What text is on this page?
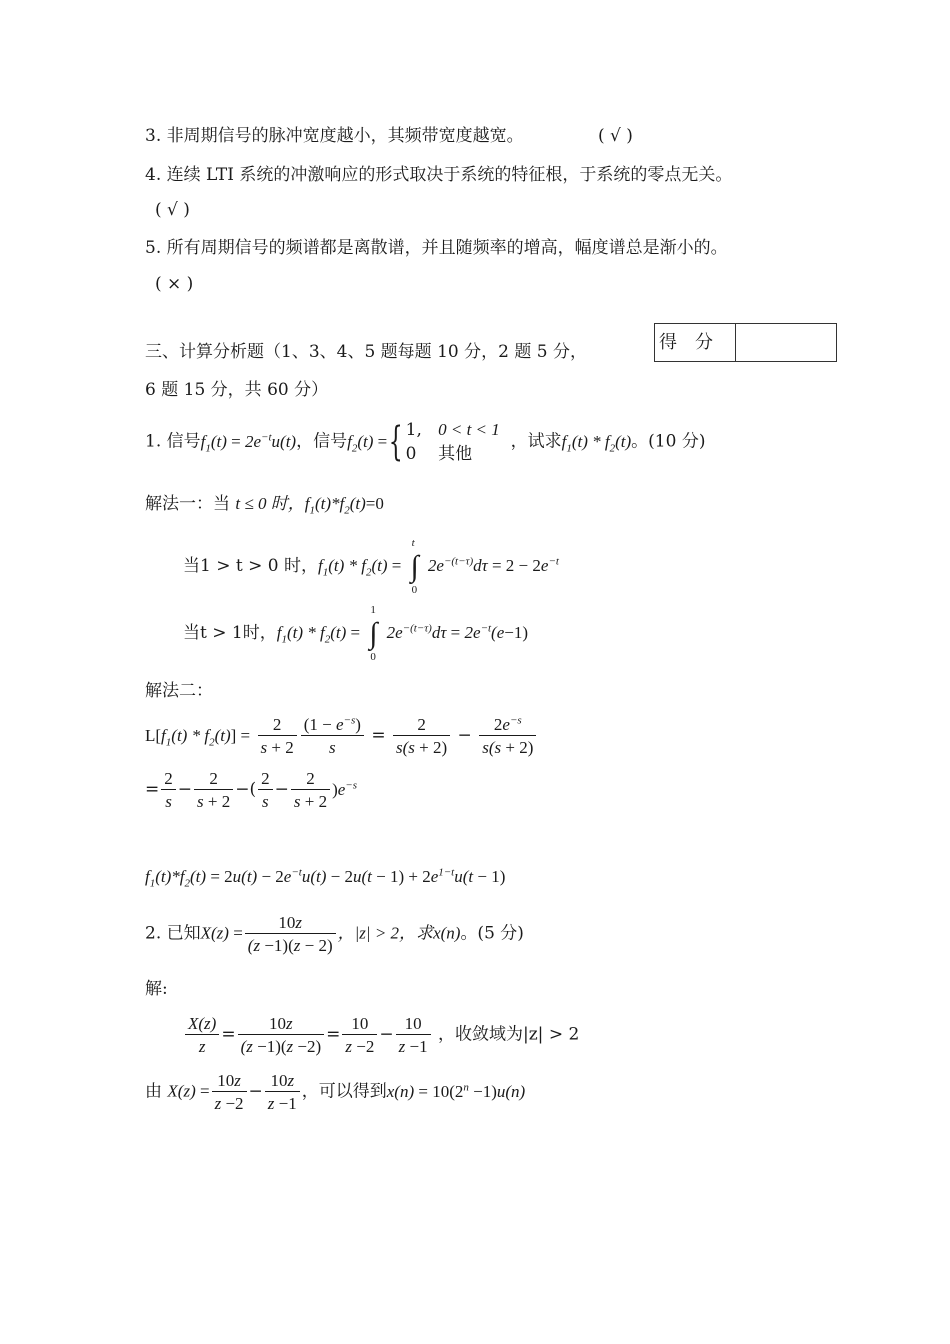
3. 非周期信号的脉冲宽度越小，其频带宽度越宽。	( √ )
4. 连续 LTI 系统的冲激响应的形式取决于系统的特征根，于系统的零点无关。
( √ )
5. 所有周期信号的频谱都是离散谱，并且随频率的增高，幅度谱总是渐小的。
( × )
三、计算分析题（1、3、4、5 题每题 10 分，2 题 5 分，
6 题 15 分，共 60 分）
得分
1. 信号$f_1(t) = 2e^{-t}u(t)$，信号$f_2(t)$ ={ 1, 0 < t < 1
0 其他
，试求$f_1(t) * f_2(t)$。(10 分)
解法一：当 t ≤ 0 时，$f_1(t)*f_2(t)=0$
当1 > t > 0 时，$f_1(t) * f_2(t)$ =
t
∫
0
$2e^{-(t-\tau)}d\tau = 2 - 2e^{-t}$
当t > 1时，$f_1(t) * f_2(t)$ =
1
∫
0
$2e^{-(t-\tau)}d\tau = 2e^{-t}(e-1)$
解法二：
$L[f_1(t) * f_2(t)] = \frac{2}{s + 2} \frac{(1 - e^{-s})}{s} = \frac{2}{s(s + 2)} - \frac{2e^{-s}}{s(s + 2)}$
= $\frac{2}{s} - \frac{2}{s + 2}$ −( $\frac{2}{s} - \frac{2}{s + 2} )e^{-s}$
$f_1(t)*f_2(t) = 2u(t) - 2e^{-t}u(t) - 2u(t - 1) + 2e^{1-t}u(t - 1)$
2. 已知$X(z) = \frac{10z}{(z -1)(z - 2)}$ ，|z| > 2，求x(n)。(5 分)
解:
$\frac{X(z)}{z} = \frac{10z}{(z -1)(z -2)} = \frac{10}{z -2} - \frac{10}{z -1}$ ，收敛域为|z| > 2
由 $X(z) = \frac{10z}{z -2} - \frac{10z}{z -1}$ ，可以得到$x(n) = 10(2^n -1)u(n)$
